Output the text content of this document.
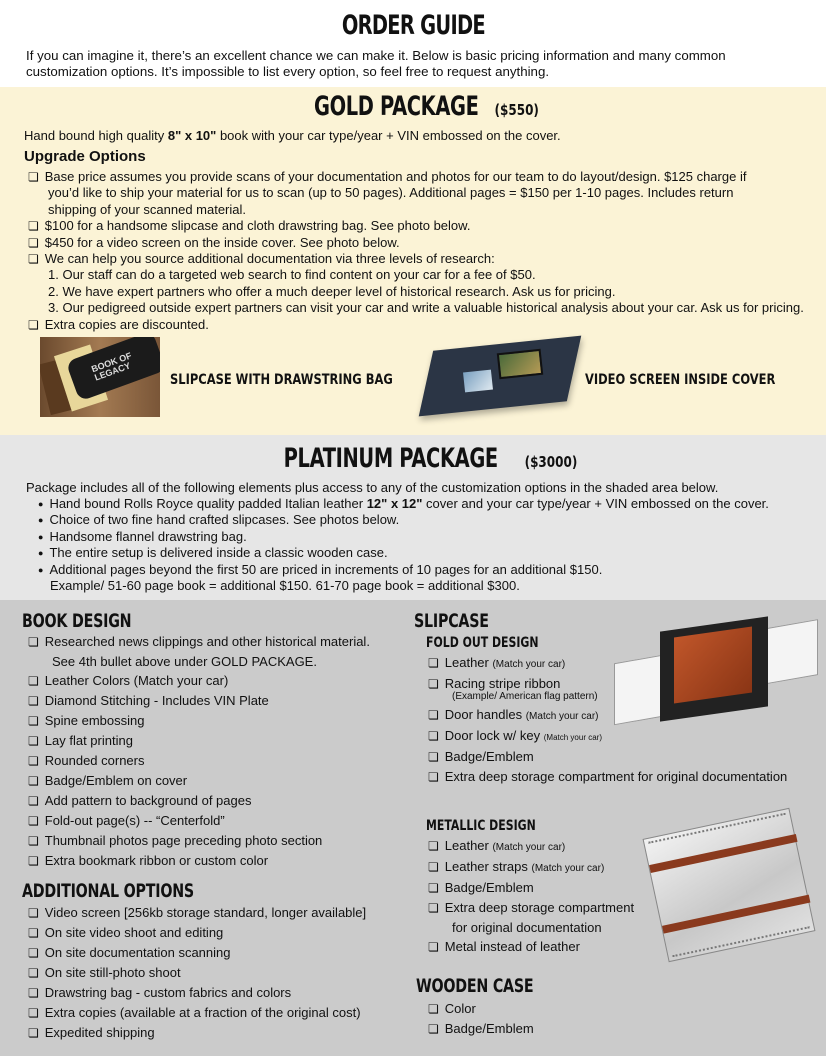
ORDER GUIDE

If you can imagine it, there’s an excellent chance we can make it. Below is basic pricing information and many common customization options. It’s impossible to list every option, so feel free to request anything.

GOLD PACKAGE ($550)
Hand bound high quality 8" x 10" book with your car type/year + VIN embossed on the cover.
Upgrade Options
❏ Base price assumes you provide scans of your documentation and photos for our team to do layout/design. $125 charge if
you’d like to ship your material for us to scan (up to 50 pages). Additional pages = $150 per 1-10 pages. Includes return
shipping of your scanned material.
❏ $100 for a handsome slipcase and cloth drawstring bag. See photo below.
❏ $450 for a video screen on the inside cover. See photo below.
❏ We can help you source additional documentation via three levels of research:
1. Our staff can do a targeted web search to find content on your car for a fee of $50.
2. We have expert partners who offer a much deeper level of historical research. Ask us for pricing.
3. Our pedigreed outside expert partners can visit your car and write a valuable historical analysis about your car. Ask us for pricing.
❏ Extra copies are discounted.
BOOK OF LEGACY	SLIPCASE WITH DRAWSTRING BAG	VIDEO SCREEN INSIDE COVER
PLATINUM PACKAGE ($3000)

Package includes all of the following elements plus access to any of the customization options in the shaded area below.

● Hand bound Rolls Royce quality padded Italian leather 12" x 12" cover and your car type/year + VIN embossed on the cover.
● Choice of two fine hand crafted slipcases. See photos below.
● Handsome flannel drawstring bag.
● The entire setup is delivered inside a classic wooden case.
● Additional pages beyond the first 50 are priced in increments of 10 pages for an additional $150.
Example/ 51-60 page book = additional $150. 61-70 page book = additional $300.
BOOK DESIGN
❏ Researched news clippings and other historical material.
See 4th bullet above under GOLD PACKAGE.
❏ Leather Colors (Match your car)
❏ Diamond Stitching - Includes VIN Plate
❏ Spine embossing
❏ Lay flat printing
❏ Rounded corners
❏ Badge/Emblem on cover
❏ Add pattern to background of pages
❏ Fold-out page(s) -- “Centerfold”
❏ Thumbnail photos page preceding photo section
❏ Extra bookmark ribbon or custom color
ADDITIONAL OPTIONS
❏ Video screen [256kb storage standard, longer available]
❏ On site video shoot and editing
❏ On site documentation scanning
❏ On site still-photo shoot
❏ Drawstring bag - custom fabrics and colors
❏ Extra copies (available at a fraction of the original cost)
❏ Expedited shipping
SLIPCASE
FOLD OUT DESIGN
❏ Leather (Match your car)
❏ Racing stripe ribbon
(Example/ American flag pattern)
❏ Door handles (Match your car)
❏ Door lock w/ key (Match your car)
❏ Badge/Emblem
❏ Extra deep storage compartment for original documentation
METALLIC DESIGN
❏ Leather (Match your car)
❏ Leather straps (Match your car)
❏ Badge/Emblem
❏ Extra deep storage compartment
for original documentation
❏ Metal instead of leather
WOODEN CASE
❏ Color
❏ Badge/Emblem
